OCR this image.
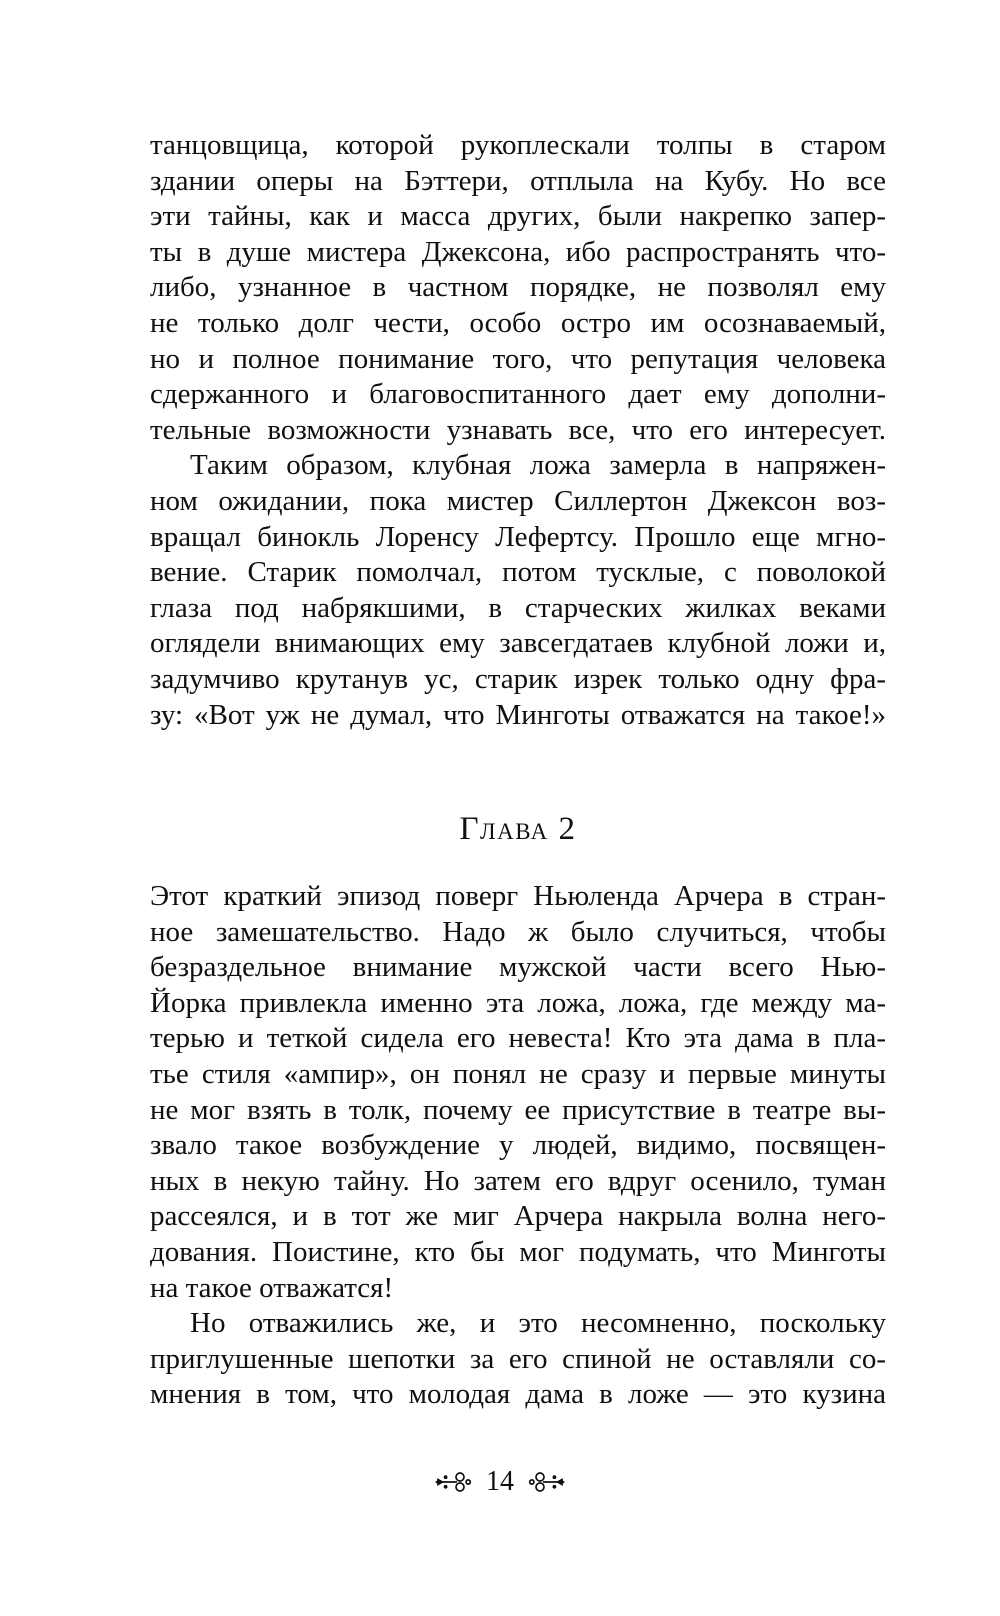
танцовщица, которой рукоплескали толпы в старом
здании оперы на Бэттери, отплыла на Кубу. Но все
эти тайны, как и масса других, были накрепко запер-
ты в душе мистера Джексона, ибо распространять что-
либо, узнанное в частном порядке, не позволял ему
не только долг чести, особо остро им осознаваемый,
но и полное понимание того, что репутация человека
сдержанного и благовоспитанного дает ему дополни-
тельные возможности узнавать все, что его интересует.
Таким образом, клубная ложа замерла в напряжен-
ном ожидании, пока мистер Силлертон Джексон воз-
вращал бинокль Лоренсу Лефертсу. Прошло еще мгно-
вение. Старик помолчал, потом тусклые, с поволокой
глаза под набрякшими, в старческих жилках веками
оглядели внимающих ему завсегдатаев клубной ложи и,
задумчиво крутанув ус, старик изрек только одну фра-
зу: «Вот уж не думал, что Минготы отважатся на такое!»
Глава 2
Этот краткий эпизод поверг Ньюленда Арчера в стран-
ное замешательство. Надо ж было случиться, чтобы
безраздельное внимание мужской части всего Нью-
Йорка привлекла именно эта ложа, ложа, где между ма-
терью и теткой сидела его невеста! Кто эта дама в пла-
тье стиля «ампир», он понял не сразу и первые минуты
не мог взять в толк, почему ее присутствие в театре вы-
звало такое возбуждение у людей, видимо, посвящен-
ных в некую тайну. Но затем его вдруг осенило, туман
рассеялся, и в тот же миг Арчера накрыла волна него-
дования. Поистине, кто бы мог подумать, что Минготы
на такое отважатся!
Но отважились же, и это несомненно, поскольку
приглушенные шепотки за его спиной не оставляли со-
мнения в том, что молодая дама в ложе — это кузина
14
